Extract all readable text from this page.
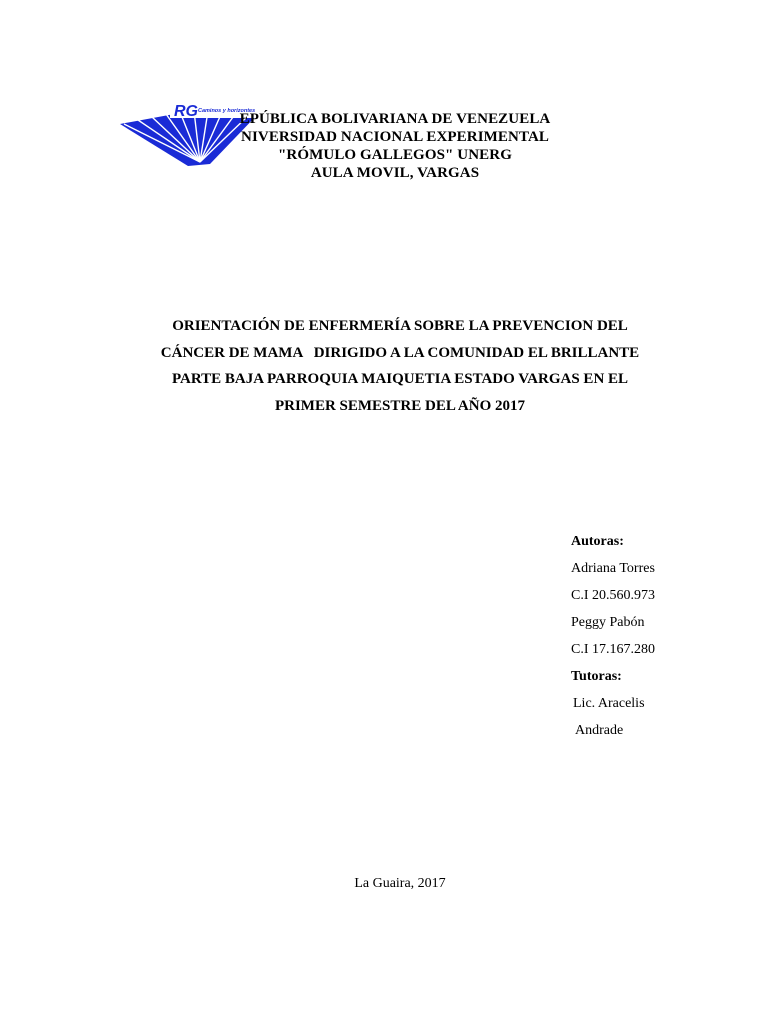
RG Caminos y horizontes
EPÚBLICA BOLIVARIANA DE VENEZUELA
NIVERSIDAD NACIONAL EXPERIMENTAL
"RÓMULO GALLEGOS" UNERG
AULA MOVIL, VARGAS
ORIENTACIÓN DE ENFERMERÍA SOBRE LA PREVENCION DEL
CÁNCER DE MAMA   DIRIGIDO A LA COMUNIDAD EL BRILLANTE
PARTE BAJA PARROQUIA MAIQUETIA ESTADO VARGAS EN EL
PRIMER SEMESTRE DEL AÑO 2017
Autoras:
Adriana Torres
C.I 20.560.973
Peggy Pabón
C.I 17.167.280
Tutoras:
Lic. Aracelis
Andrade
La Guaira, 2017
